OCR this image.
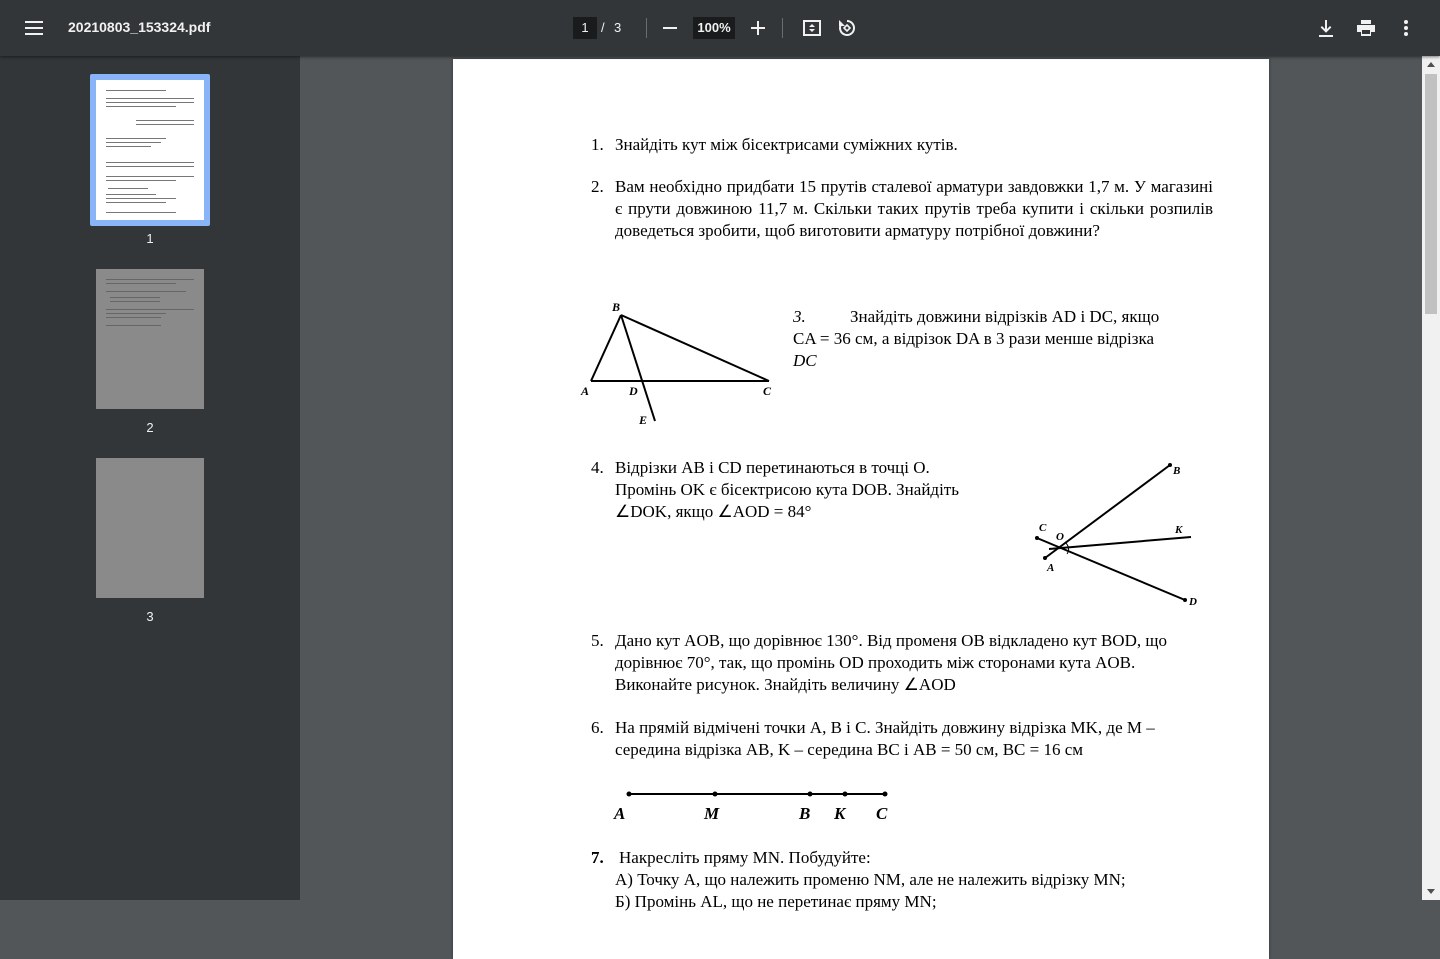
20210803_153324.pdf	1 / 3	100%
1
2
3
1. Знайдіть кут між бісектрисами суміжних кутів.
2. Вам необхідно придбати 15 прутів сталевої арматури завдовжки 1,7 м. У магазині є прути довжиною 11,7 м. Скільки таких прутів треба купити і скільки розпилів доведеться зробити, щоб виготовити арматуру потрібної довжини?
B
A	D	C
E
3.	Знайдіть довжини відрізків AD і DC, якщо
CA = 36 см, а відрізок DA в 3 рази менше відрізка
DC
4. Відрізки AB і CD перетинаються в точці O.
Промінь OK є бісектрисою кута DOB. Знайдіть
∠DOK, якщо ∠AOD = 84°
B
C
O
K
A
D
5. Дано кут AOB, що дорівнює 130°. Від променя OB відкладено кут BOD, що
дорівнює 70°, так, що промінь OD проходить між сторонами кута AOB.
Виконайте рисунок. Знайдіть величину ∠AOD
6. На прямій відмічені точки A, B і C. Знайдіть довжину відрізка MK, де M –
середина відрізка AB, K – середина BC і AB = 50 см, BC = 16 см
A	M	B K C
7. Накресліть пряму MN. Побудуйте:
А) Точку A, що належить променю NM, але не належить відрізку MN;
Б) Промінь AL, що не перетинає пряму MN;
